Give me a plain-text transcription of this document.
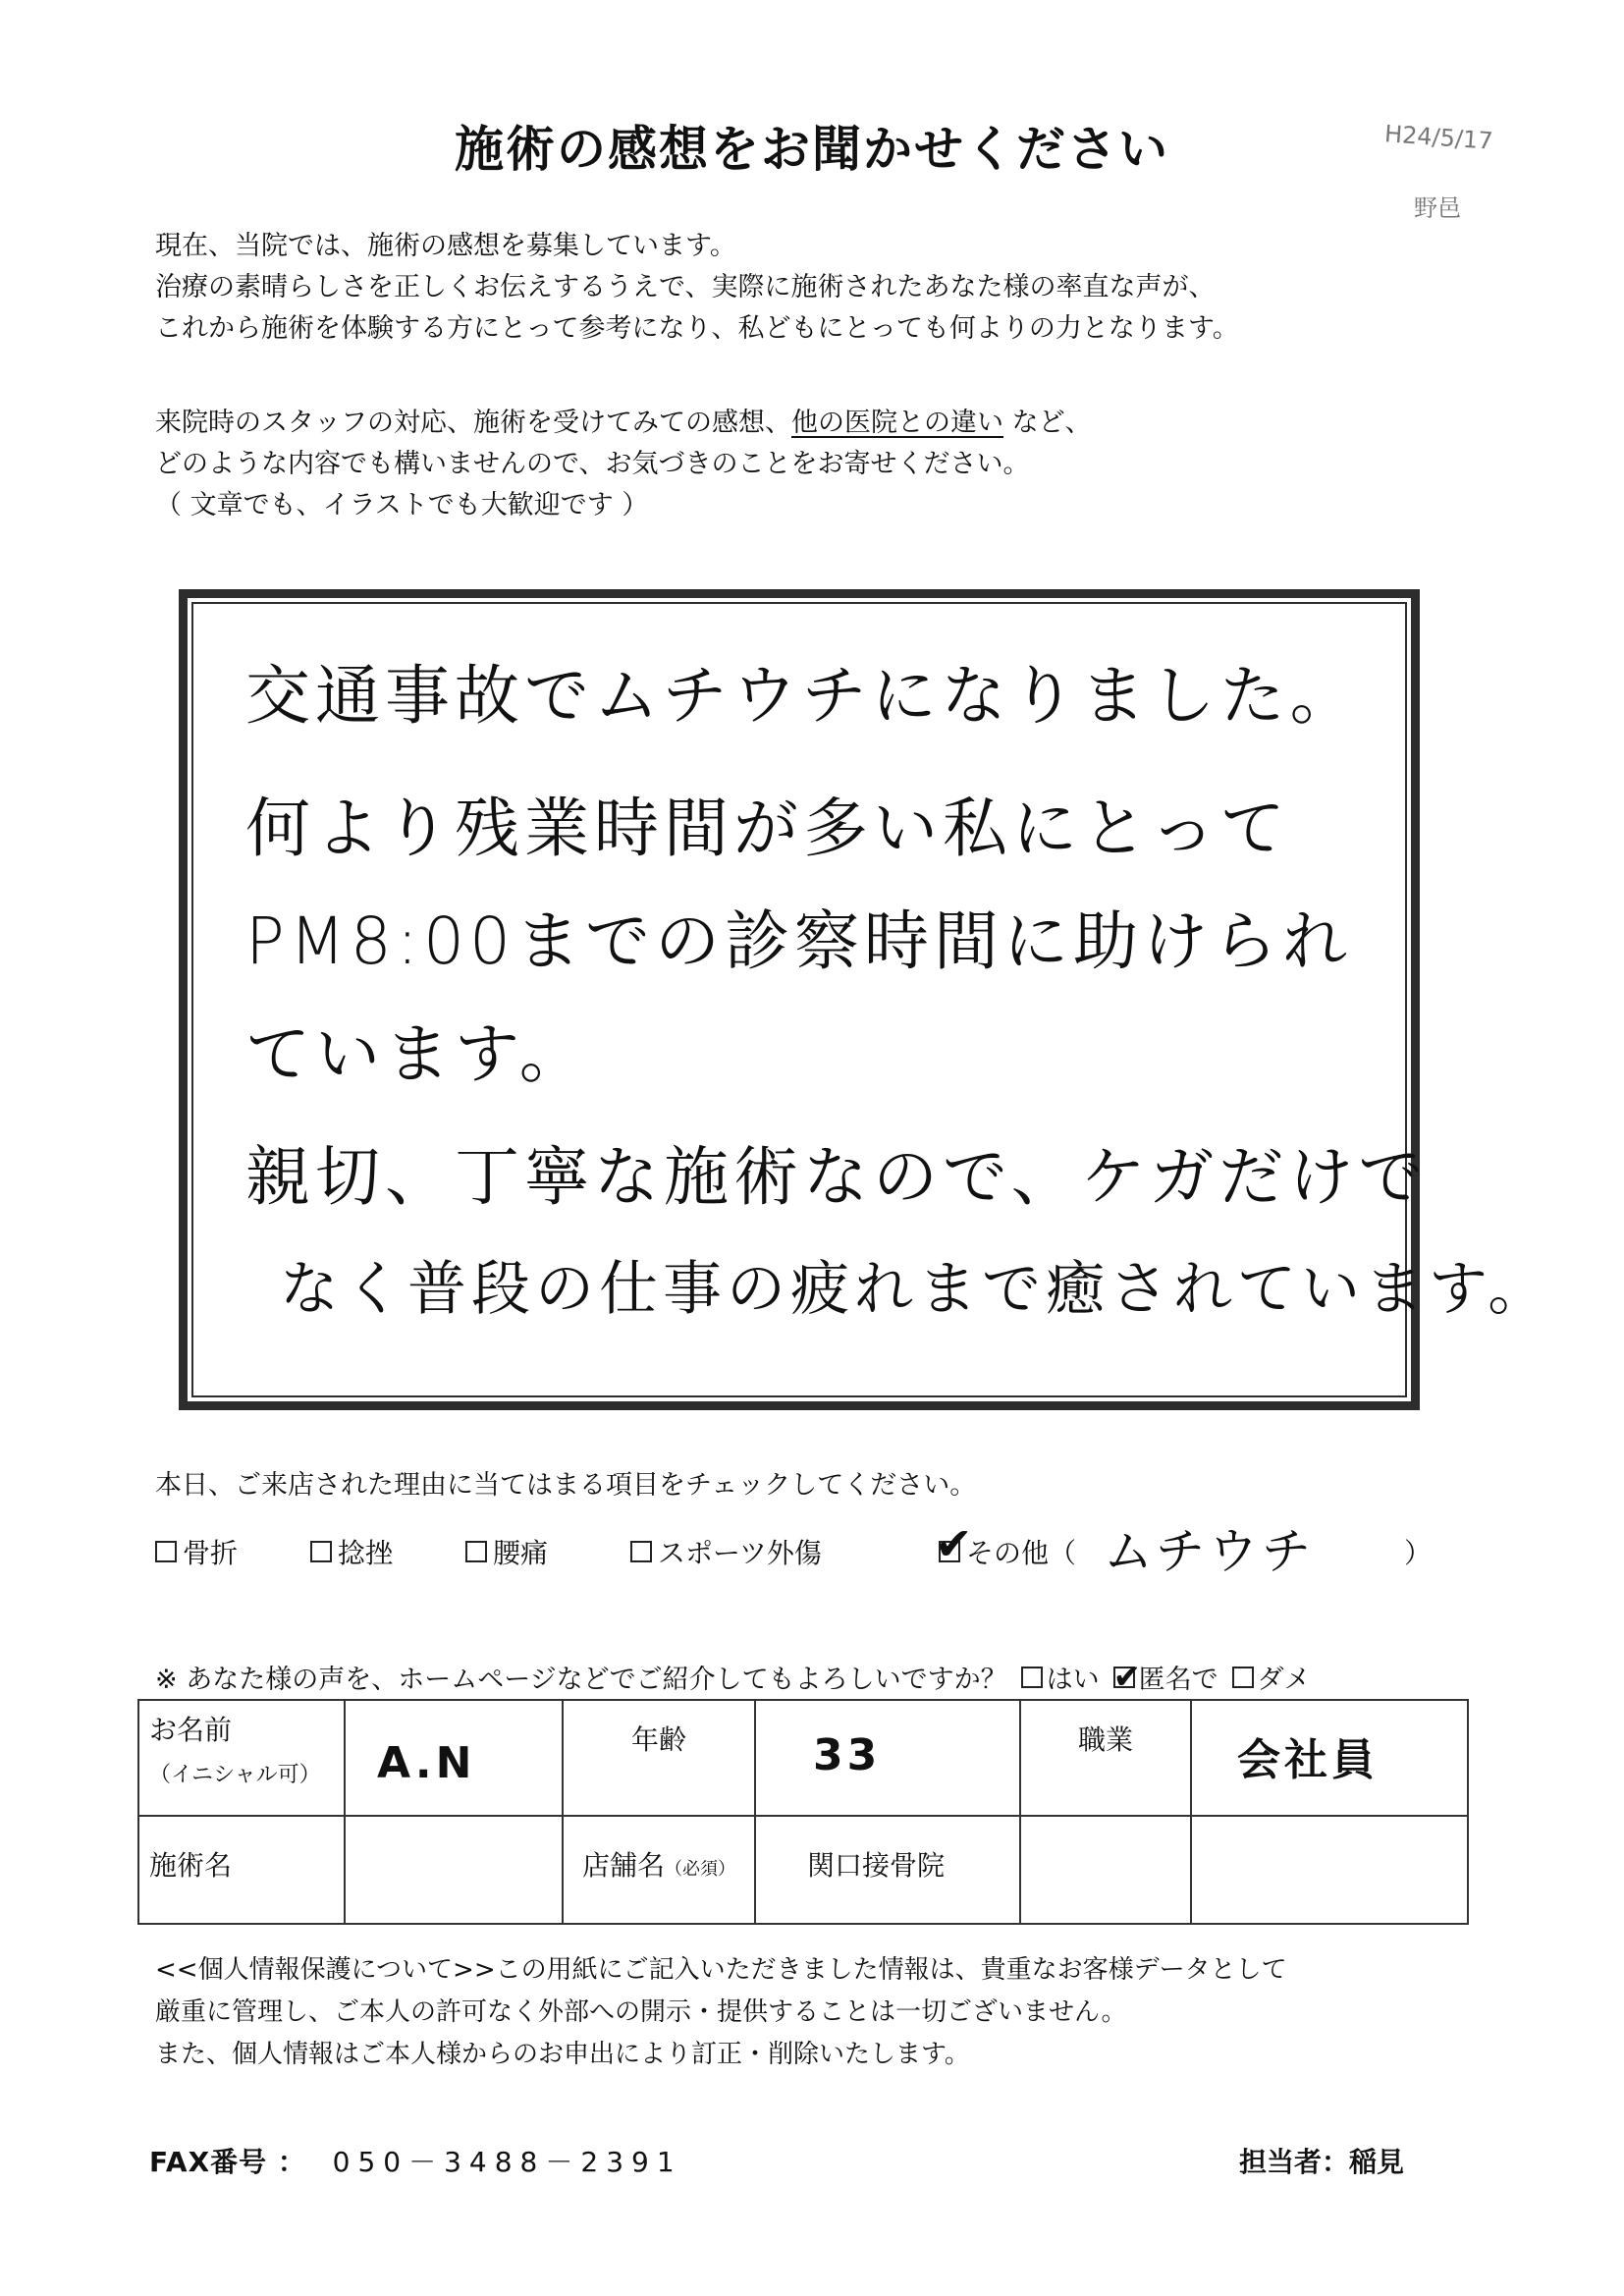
施術の感想をお聞かせください	H24/5/17
野邑
現在、当院では、施術の感想を募集しています。
治療の素晴らしさを正しくお伝えするうえで、実際に施術されたあなた様の率直な声が、
これから施術を体験する方にとって参考になり、私どもにとっても何よりの力となります。
来院時のスタッフの対応、施術を受けてみての感想、他の医院との違い など、
どのような内容でも構いませんので、お気づきのことをお寄せください。
（ 文章でも、イラストでも大歓迎です ）
交通事故でムチウチになりました。
何より残業時間が多い私にとって
PM8:00までの診察時間に助けられ
ています。
親切、丁寧な施術なので、ケガだけで
なく普段の仕事の疲れまで癒されています。
本日、ご来店された理由に当てはまる項目をチェックしてください。
骨折	捻挫	腰痛	スポーツ外傷	✔
その他（ ムチウチ	）
※ あなた様の声を、ホームページなどでご紹介してもよろしいですか？ はい ✔
匿名で ダメ
お名前
（イニシャル可）	A.N	年齢	33	職業	会社員

施術名		店舗名（必須）	関口接骨院		

<<個人情報保護について>>この用紙にご記入いただきました情報は、貴重なお客様データとして
厳重に管理し、ご本人の許可なく外部への開示・提供することは一切ございません。
また、個人情報はご本人様からのお申出により訂正・削除いたします。
FAX番号 ： 050－3488－2391	担当者：稲見
